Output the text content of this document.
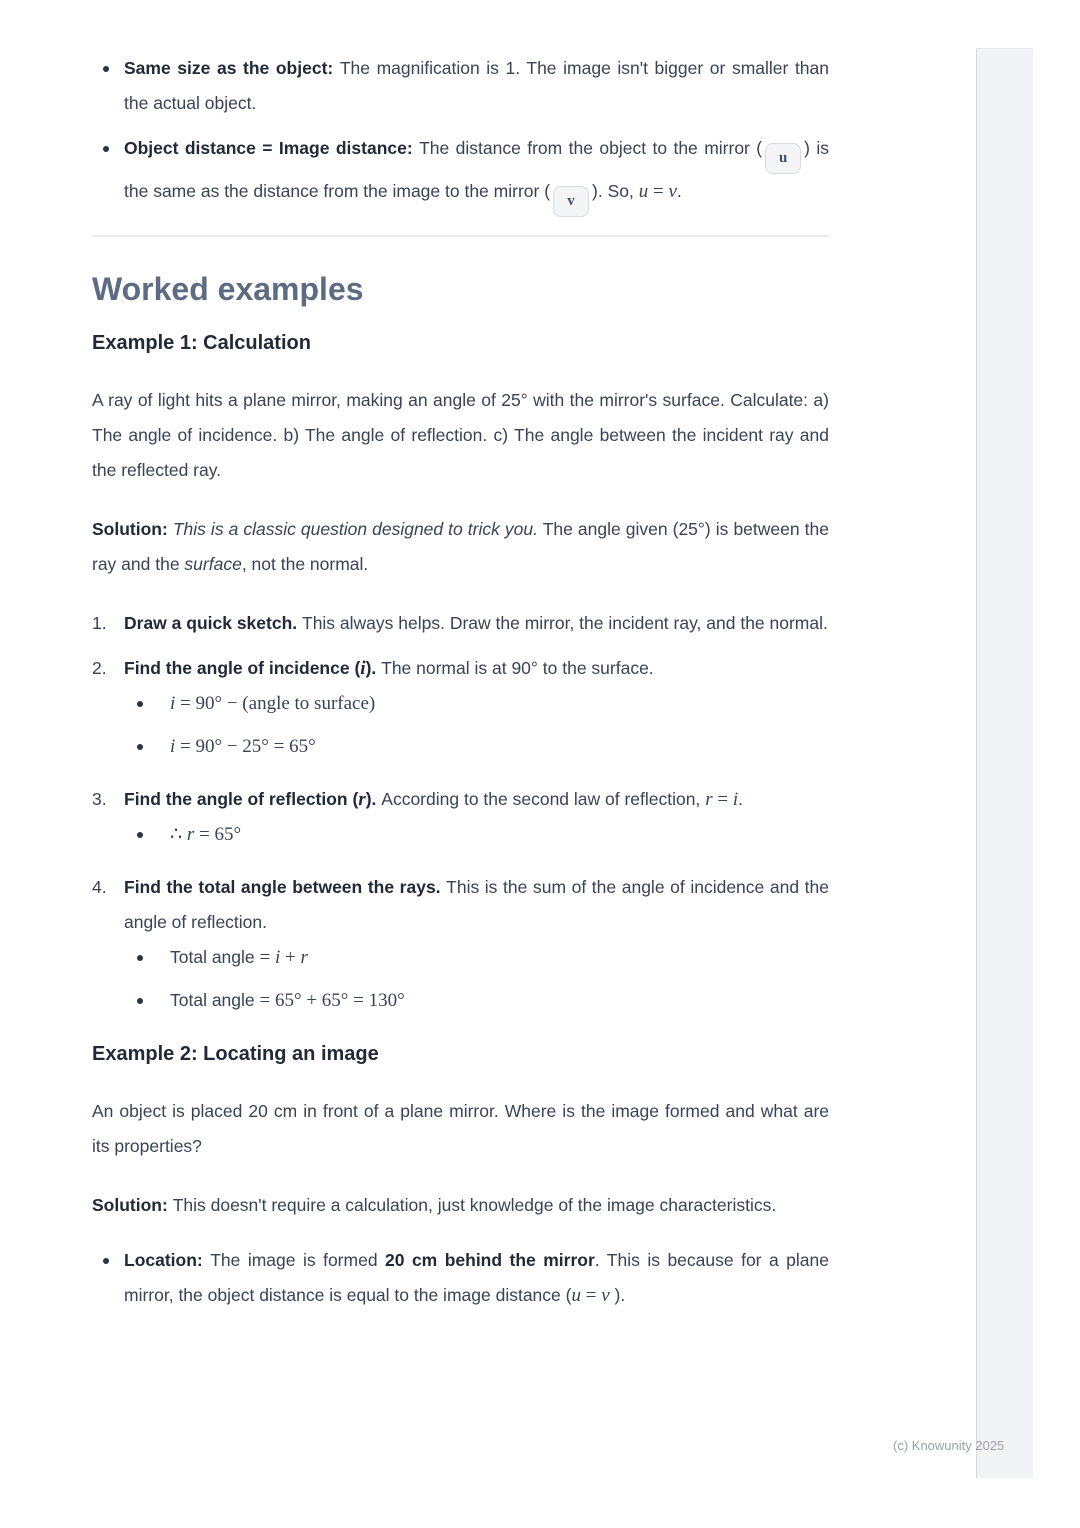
Same size as the object: The magnification is 1. The image isn't bigger or smaller than the actual object.
Object distance = Image distance: The distance from the object to the mirror ( u ) is the same as the distance from the image to the mirror ( v ). So, u = v.
Worked examples
Example 1: Calculation

A ray of light hits a plane mirror, making an angle of 25° with the mirror's surface. Calculate: a) The angle of incidence. b) The angle of reflection. c) The angle between the incident ray and the reflected ray.

Solution: This is a classic question designed to trick you. The angle given (25°) is between the ray and the surface, not the normal.

1. Draw a quick sketch. This always helps. Draw the mirror, the incident ray, and the normal.
2. Find the angle of incidence (i). The normal is at 90° to the surface.
i = 90° − (angle to surface)
i = 90° − 25° = 65°
3. Find the angle of reflection (r). According to the second law of reflection, r = i.
∴ r = 65°
4. Find the total angle between the rays. This is the sum of the angle of incidence and the angle of reflection.
Total angle = i + r
Total angle = 65° + 65° = 130°
Example 2: Locating an image

An object is placed 20 cm in front of a plane mirror. Where is the image formed and what are its properties?

Solution: This doesn't require a calculation, just knowledge of the image characteristics.

Location: The image is formed 20 cm behind the mirror. This is because for a plane mirror, the object distance is equal to the image distance (u = v ).
(c) Knowunity 2025
